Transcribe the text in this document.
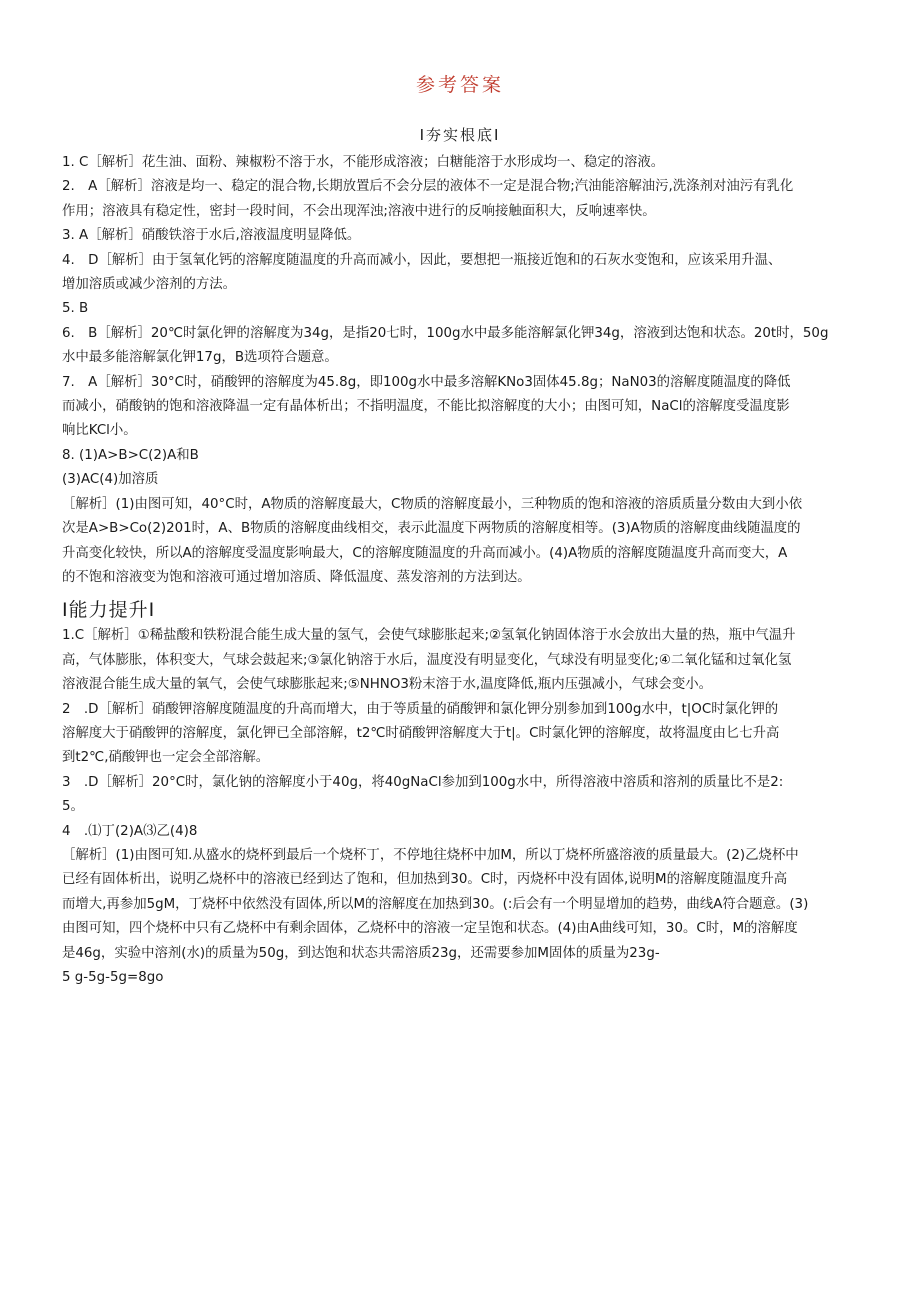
参考答案
I夯实根底I

1. C［解析］花生油、面粉、辣椒粉不溶于水，不能形成溶液；白糖能溶于水形成均一、稳定的溶液。

2.　A［解析］溶液是均一、稳定的混合物,长期放置后不会分层的液体不一定是混合物;汽油能溶解油污,洗涤剂对油污有乳化

作用；溶液具有稳定性，密封一段时间，不会出现浑浊;溶液中进行的反响接触面积大，反响速率快。

3. A［解析］硝酸铁溶于水后,溶液温度明显降低。

4.　D［解析］由于氢氧化钙的溶解度随温度的升高而减小，因此，要想把一瓶接近饱和的石灰水变饱和，应该采用升温、

增加溶质或减少溶剂的方法。

5. B

6.　B［解析］20℃时氯化钾的溶解度为34g，是指20七时，100g水中最多能溶解氯化钾34g，溶液到达饱和状态。20t时，50g

水中最多能溶解氯化钾17g，B选项符合题意。

7.　A［解析］30°C时，硝酸钾的溶解度为45.8g，即100g水中最多溶解KNo3固体45.8g；NaN03的溶解度随温度的降低

而减小，硝酸钠的饱和溶液降温一定有晶体析出；不指明温度，不能比拟溶解度的大小；由图可知，NaCl的溶解度受温度影

响比KCl小。

8. (1)A>B>C(2)A和B

(3)AC(4)加溶质

［解析］(1)由图可知，40°C时，A物质的溶解度最大，C物质的溶解度最小，三种物质的饱和溶液的溶质质量分数由大到小依

次是A>B>Co(2)201时，A、B物质的溶解度曲线相交，表示此温度下两物质的溶解度相等。(3)A物质的溶解度曲线随温度的

升高变化较快，所以A的溶解度受温度影响最大，C的溶解度随温度的升高而减小。(4)A物质的溶解度随温度升高而变大，A

的不饱和溶液变为饱和溶液可通过增加溶质、降低温度、蒸发溶剂的方法到达。

I能力提升I

1.C［解析］①稀盐酸和铁粉混合能生成大量的氢气，会使气球膨胀起来;②氢氧化钠固体溶于水会放出大量的热，瓶中气温升

高，气体膨胀，体积变大，气球会鼓起来;③氯化钠溶于水后，温度没有明显变化，气球没有明显变化;④二氧化锰和过氧化氢

溶液混合能生成大量的氧气，会使气球膨胀起来;⑤NHNO3粉末溶于水,温度降低,瓶内压强减小，气球会变小。

2　.D［解析］硝酸钾溶解度随温度的升高而增大，由于等质量的硝酸钾和氯化钾分别参加到100g水中，t|OC时氯化钾的

溶解度大于硝酸钾的溶解度，氯化钾已全部溶解，t2℃时硝酸钾溶解度大于t|。C时氯化钾的溶解度，故将温度由匕七升高

到t2℃,硝酸钾也一定会全部溶解。

3　.D［解析］20°C时，氯化钠的溶解度小于40g，将40gNaCl参加到100g水中，所得溶液中溶质和溶剂的质量比不是2:

5。

4　.⑴丁(2)A⑶乙(4)8

［解析］(1)由图可知.从盛水的烧杯到最后一个烧杯丁，不停地往烧杯中加M，所以丁烧杯所盛溶液的质量最大。(2)乙烧杯中

已经有固体析出，说明乙烧杯中的溶液已经到达了饱和，但加热到30。C时，丙烧杯中没有固体,说明M的溶解度随温度升高

而增大,再参加5gM，丁烧杯中依然没有固体,所以M的溶解度在加热到30。(:后会有一个明显增加的趋势，曲线A符合题意。(3)

由图可知，四个烧杯中只有乙烧杯中有剩余固体，乙烧杯中的溶液一定呈饱和状态。(4)由A曲线可知，30。C时，M的溶解度

是46g，实验中溶剂(水)的质量为50g，到达饱和状态共需溶质23g，还需要参加M固体的质量为23g-

5 g-5g-5g=8go
